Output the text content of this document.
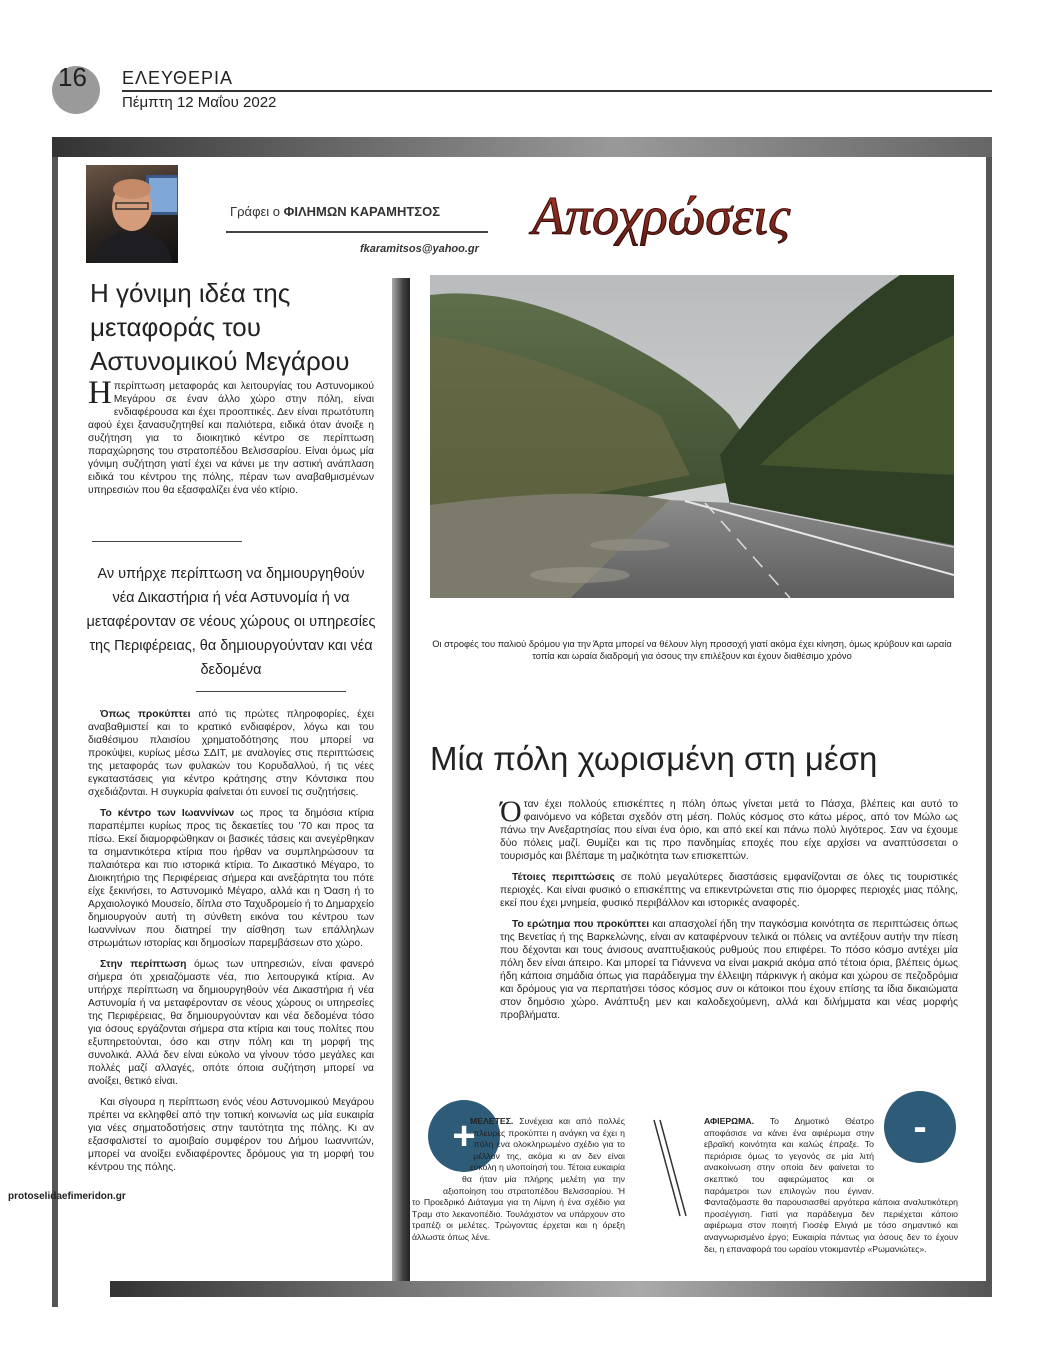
16 ΕΛΕΥΘΕΡΙΑ
Πέμπτη 12 Μαΐου 2022
Γράφει ο ΦΙΛΗΜΩΝ ΚΑΡΑΜΗΤΣΟΣ
fkaramitsos@yahoo.gr
Αποχρώσεις
Η γόνιμη ιδέα της
μεταφοράς του
Αστυνομικού Μεγάρου
Ηπερίπτωση μεταφοράς και λειτουργίας του Αστυνομικού Μεγάρου σε έναν άλλο χώρο στην πόλη, είναι ενδιαφέρουσα και έχει προοπτικές. Δεν είναι πρωτότυπη αφού έχει ξανασυζητηθεί και παλιότερα, ειδικά όταν άνοιξε η συζήτηση για το διοικητικό κέντρο σε περίπτωση παραχώρησης του στρατοπέδου Βελισσαρίου. Είναι όμως μία γόνιμη συζήτηση γιατί έχει να κάνει με την αστική ανάπλαση ειδικά του κέντρου της πόλης, πέραν των αναβαθμισμένων υπηρεσιών που θα εξασφαλίζει ένα νέο κτίριο.
Αν υπήρχε περίπτωση να δημιουργηθούν νέα Δικαστήρια ή νέα Αστυνομία ή να μεταφέρονταν σε νέους χώρους οι υπηρεσίες της Περιφέρειας, θα δημιουργούνταν και νέα δεδομένα

Όπως προκύπτει από τις πρώτες πληροφορίες, έχει αναβαθμιστεί και το κρατικό ενδιαφέρον, λόγω και του διαθέσιμου πλαισίου χρηματοδότησης που μπορεί να προκύψει, κυρίως μέσω ΣΔΙΤ, με αναλογίες στις περιπτώσεις της μεταφοράς των φυλακών του Κορυδαλλού, ή τις νέες εγκαταστάσεις για κέντρο κράτησης στην Κόντσικα που σχεδιάζονται. Η συγκυρία φαίνεται ότι ευνοεί τις συζητήσεις.

Το κέντρο των Ιωαννίνων ως προς τα δημόσια κτίρια παραπέμπει κυρίως προς τις δεκαετίες του '70 και προς τα πίσω. Εκεί διαμορφώθηκαν οι βασικές τάσεις και ανεγέρθηκαν τα σημαντικότερα κτίρια που ήρθαν να συμπληρώσουν τα παλαιότερα και πιο ιστορικά κτίρια. Το Δικαστικό Μέγαρο, το Διοικητήριο της Περιφέρειας σήμερα και ανεξάρτητα του πότε είχε ξεκινήσει, το Αστυνομικό Μέγαρο, αλλά και η Όαση ή το Αρχαιολογικό Μουσείο, δίπλα στο Ταχυδρομείο ή το Δημαρχείο δημιουργούν αυτή τη σύνθετη εικόνα του κέντρου των Ιωαννίνων που διατηρεί την αίσθηση των επάλληλων στρωμάτων ιστορίας και δημοσίων παρεμβάσεων στο χώρο.

Στην περίπτωση όμως των υπηρεσιών, είναι φανερό σήμερα ότι χρειαζόμαστε νέα, πιο λειτουργικά κτίρια. Αν υπήρχε περίπτωση να δημιουργηθούν νέα Δικαστήρια ή νέα Αστυνομία ή να μεταφέρονταν σε νέους χώρους οι υπηρεσίες της Περιφέρειας, θα δημιουργούνταν και νέα δεδομένα τόσο για όσους εργάζονται σήμερα στα κτίρια και τους πολίτες που εξυπηρετούνται, όσο και στην πόλη και τη μορφή της συνολικά. Αλλά δεν είναι εύκολο να γίνουν τόσο μεγάλες και πολλές μαζί αλλαγές, οπότε όποια συζήτηση μπορεί να ανοίξει, θετικό είναι.

Και σίγουρα η περίπτωση ενός νέου Αστυνομικού Μεγάρου πρέπει να εκληφθεί από την τοπική κοινωνία ως μία ευκαιρία για νέες σηματοδοτήσεις στην ταυτότητα της πόλης. Κι αν εξασφαλιστεί το αμοιβαίο συμφέρον του Δήμου Ιωαννιτών, μπορεί να ανοίξει ενδιαφέροντες δρόμους για τη μορφή του κέντρου της πόλης.

Οι στροφές του παλιού δρόμου για την Άρτα μπορεί να θέλουν λίγη προσοχή γιατί ακόμα έχει κίνηση, όμως κρύβουν και ωραία τοπία και ωραία διαδρομή για όσους την επιλέξουν και έχουν διαθέσιμο χρόνο
Μία πόλη χωρισμένη στη μέση

Όταν έχει πολλούς επισκέπτες η πόλη όπως γίνεται μετά το Πάσχα, βλέπεις και αυτό το φαινόμενο να κόβεται σχεδόν στη μέση. Πολύς κόσμος στο κάτω μέρος, από τον Μώλο ως πάνω την Ανεξαρτησίας που είναι ένα όριο, και από εκεί και πάνω πολύ λιγότερος. Σαν να έχουμε δύο πόλεις μαζί. Θυμίζει και τις προ πανδημίας εποχές που είχε αρχίσει να αναπτύσσεται ο τουρισμός και βλέπαμε τη μαζικότητα των επισκεπτών.

Τέτοιες περιπτώσεις σε πολύ μεγαλύτερες διαστάσεις εμφανίζονται σε όλες τις τουριστικές περιοχές. Και είναι φυσικό ο επισκέπτης να επικεντρώνεται στις πιο όμορφες περιοχές μιας πόλης, εκεί που έχει μνημεία, φυσικό περιβάλλον και ιστορικές αναφορές.

Το ερώτημα που προκύπτει και απασχολεί ήδη την παγκόσμια κοινότητα σε περιπτώσεις όπως της Βενετίας ή της Βαρκελώνης, είναι αν καταφέρνουν τελικά οι πόλεις να αντέξουν αυτήν την πίεση που δέχονται και τους άνισους αναπτυξιακούς ρυθμούς που επιφέρει. Το πόσο κόσμο αντέχει μία πόλη δεν είναι άπειρο. Και μπορεί τα Γιάννενα να είναι μακριά ακόμα από τέτοια όρια, βλέπεις όμως ήδη κάποια σημάδια όπως για παράδειγμα την έλλειψη πάρκινγκ ή ακόμα και χώρου σε πεζοδρόμια και δρόμους για να περπατήσει τόσος κόσμος συν οι κάτοικοι που έχουν επίσης τα ίδια δικαιώματα στον δημόσιο χώρο. Ανάπτυξη μεν και καλοδεχούμενη, αλλά και διλήμματα και νέας μορφής προβλήματα.

+
ΜΕΛΕΤΕΣ. Συνέχεια και από πολλές πλευρές προκύπτει η ανάγκη να έχει η πόλη ένα ολοκληρωμένο σχέδιο για το μέλλον της, ακόμα κι αν δεν είναι εύκολη η υλοποίησή του. Τέτοια ευκαιρία θα ήταν μία πλήρης μελέτη για την αξιοποίηση του στρατοπέδου Βελισσαρίου. Ή το Προεδρικό Διάταγμα για τη Λίμνη ή ένα σχέδιο για Τραμ στο λεκανοπέδιο. Τουλάχιστον να υπάρχουν στο τραπέζι οι μελέτες. Τρώγοντας έρχεται και η όρεξη άλλωστε όπως λένε.
-
ΑΦΙΕΡΩΜΑ. Το Δημοτικό Θέατρο αποφάσισε να κάνει ένα αφιέρωμα στην εβραϊκή κοινότητα και καλώς έπραξε. Το περιόρισε όμως το γεγονός σε μία λιτή ανακοίνωση στην οποία δεν φαίνεται το σκεπτικό του αφιερώματος και οι παράμετροι των επιλογών που έγιναν. Φανταζόμαστε θα παρουσιασθεί αργότερα κάποια αναλυτικότερη προσέγγιση. Γιατί για παράδειγμα δεν περιέχεται κάποιο αφιέρωμα στον ποιητή Γιοσέφ Ελιγιά με τόσο σημαντικό και αναγνωρισμένο έργο; Ευκαιρία πάντως για όσους δεν το έχουν δει, η επαναφορά του ωραίου ντοκιμαντέρ «Ρωμανιώτες».
protoselidaefimeridon.gr
